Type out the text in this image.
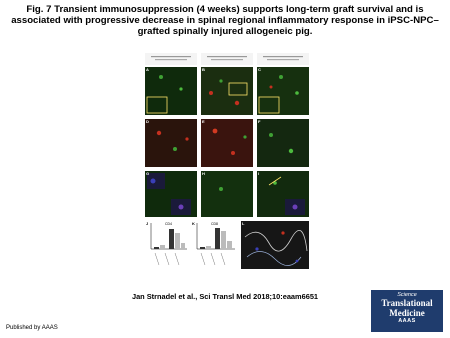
Fig. 7 Transient immunosuppression (4 weeks) supports long-term graft survival and is associated with progressive decrease in spinal regional inflammatory response in iPSC-NPC–grafted spinally injured allogeneic pig.
A	B	C
D	E	F
G	H	I
J	K	L
CD4	CD8
Jan Strnadel et al., Sci Transl Med 2018;10:eaam6651	Science
Translational
Medicine
AAAS
Published by AAAS
